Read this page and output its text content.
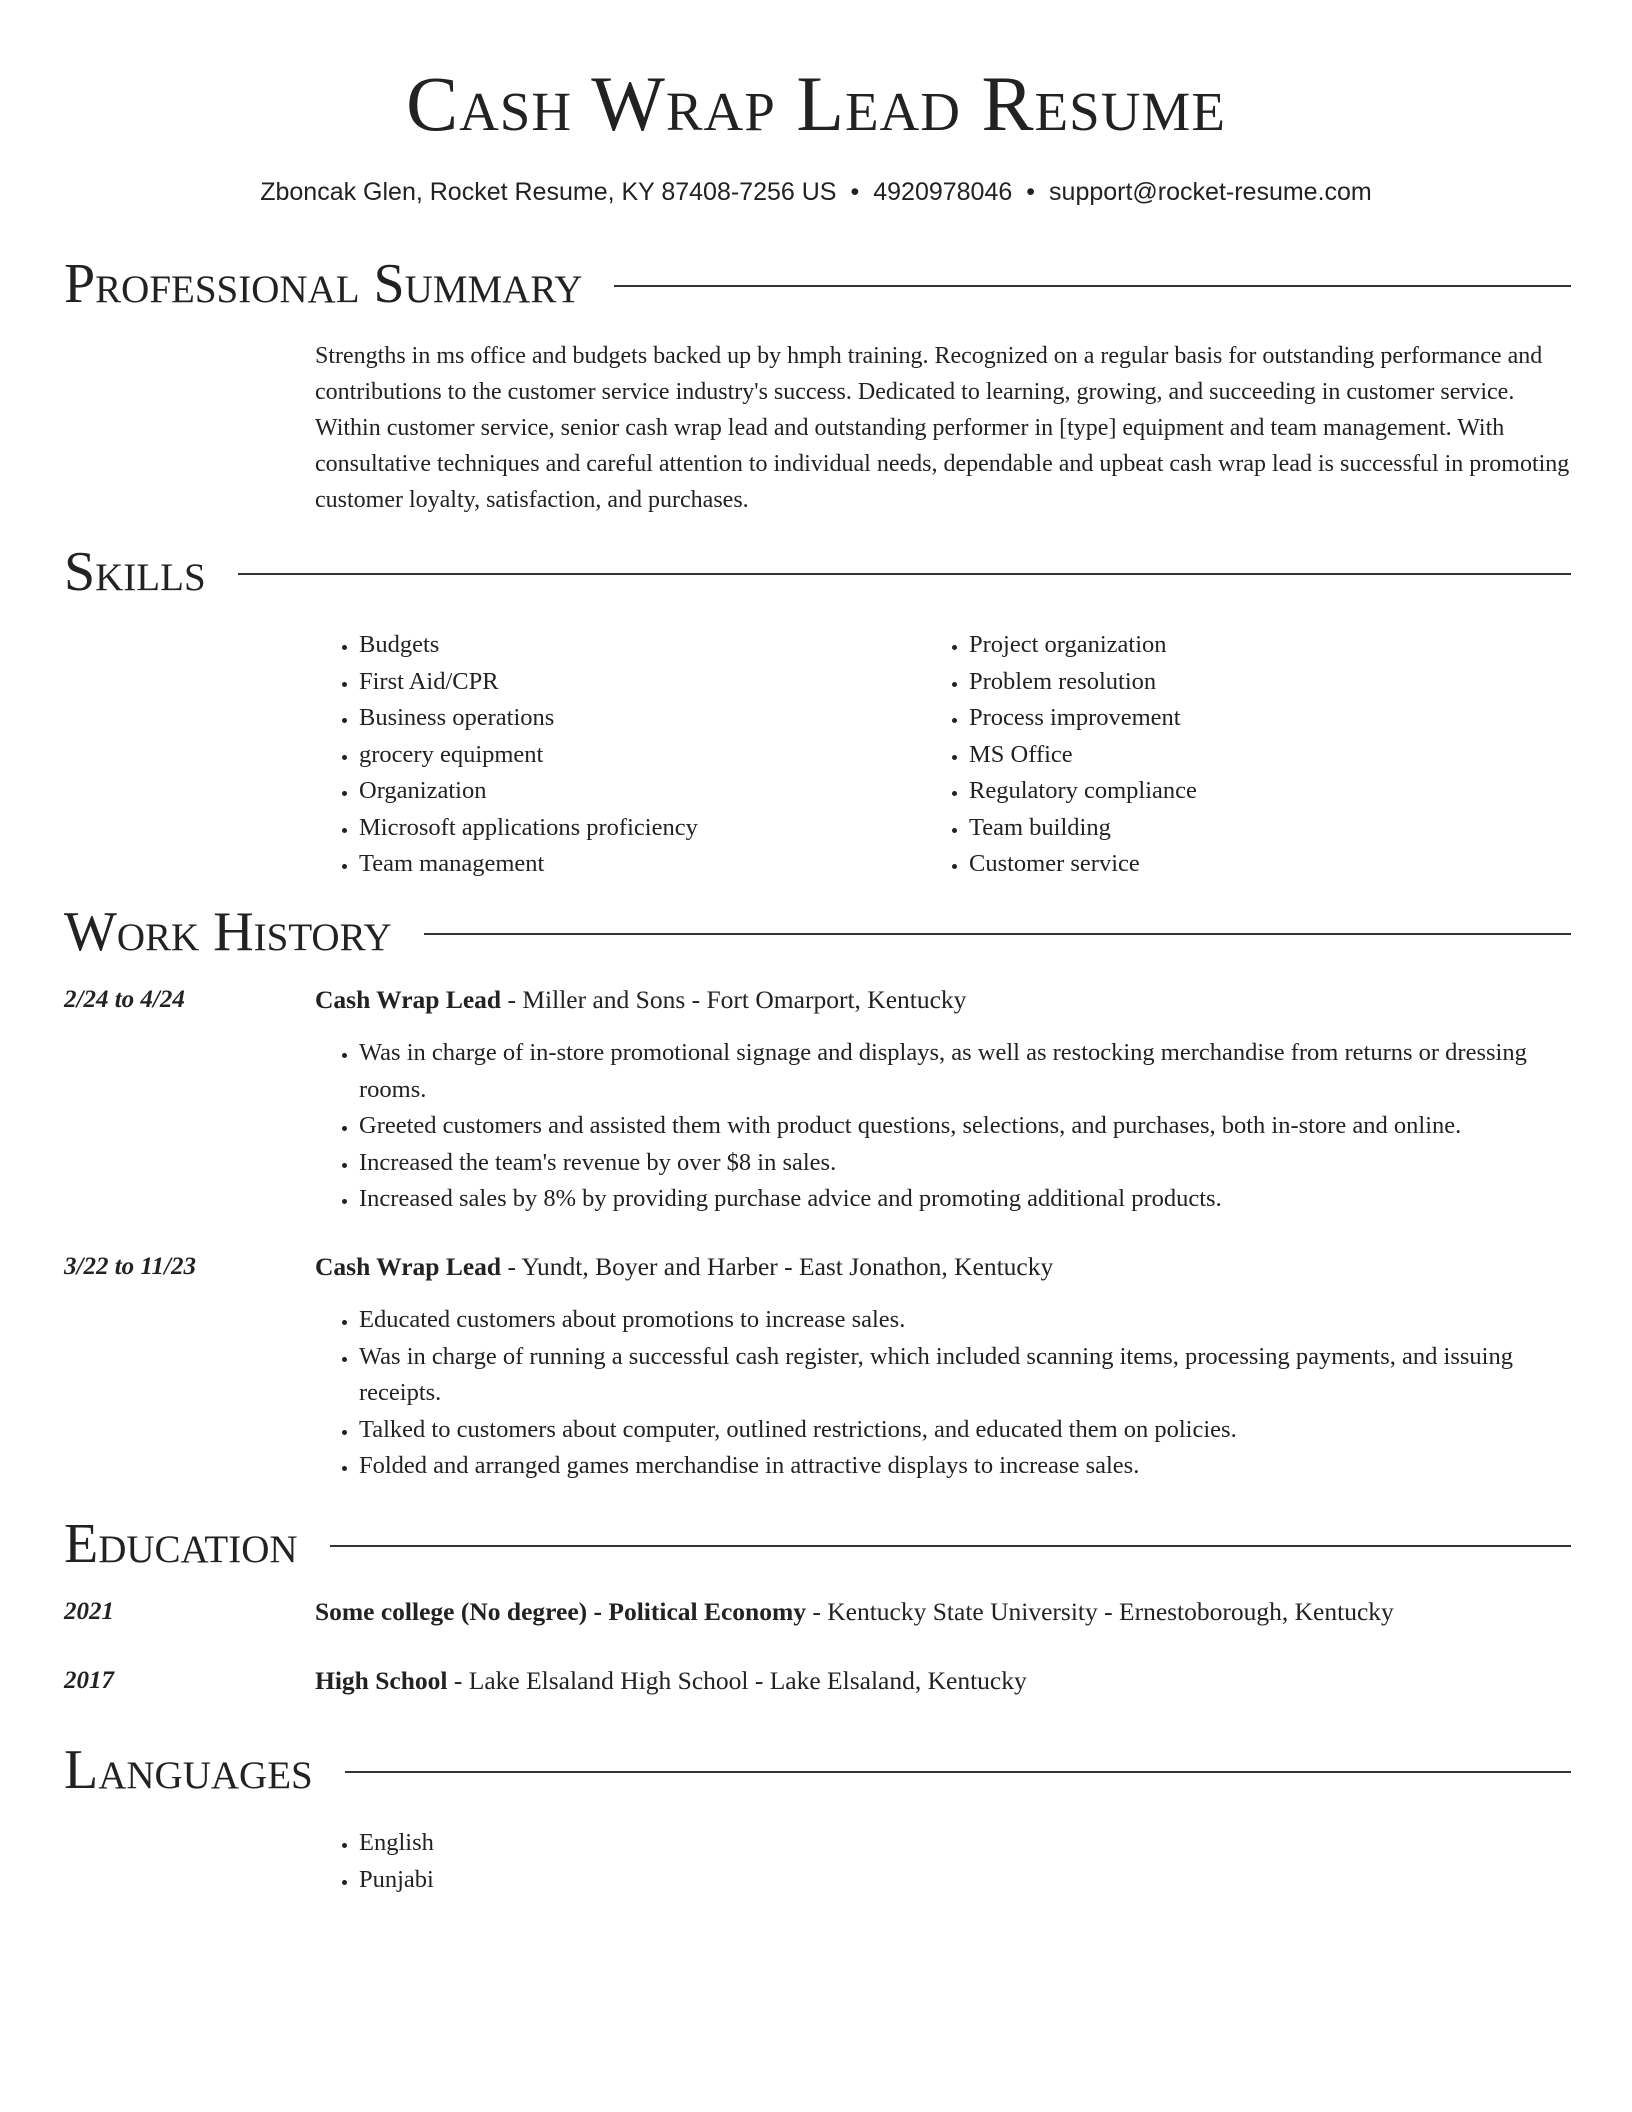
Cash Wrap Lead Resume
Zboncak Glen, Rocket Resume, KY 87408-7256 US • 4920978046 • support@rocket-resume.com
Professional Summary

Strengths in ms office and budgets backed up by hmph training. Recognized on a regular basis for outstanding performance and contributions to the customer service industry's success. Dedicated to learning, growing, and succeeding in customer service. Within customer service, senior cash wrap lead and outstanding performer in [type] equipment and team management. With consultative techniques and careful attention to individual needs, dependable and upbeat cash wrap lead is successful in promoting customer loyalty, satisfaction, and purchases.

Skills
• Budgets
• First Aid/CPR
• Business operations
• grocery equipment
• Organization
• Microsoft applications proficiency
• Team management
• Project organization
• Problem resolution
• Process improvement
• MS Office
• Regulatory compliance
• Team building
• Customer service
Work History
2/24 to 4/24	Cash Wrap Lead - Miller and Sons - Fort Omarport, Kentucky
• Was in charge of in-store promotional signage and displays, as well as restocking merchandise from returns or dressing rooms.
• Greeted customers and assisted them with product questions, selections, and purchases, both in-store and online.
• Increased the team's revenue by over $8 in sales.
• Increased sales by 8% by providing purchase advice and promoting additional products.
3/22 to 11/23	Cash Wrap Lead - Yundt, Boyer and Harber - East Jonathon, Kentucky
• Educated customers about promotions to increase sales.
• Was in charge of running a successful cash register, which included scanning items, processing payments, and issuing receipts.
• Talked to customers about computer, outlined restrictions, and educated them on policies.
• Folded and arranged games merchandise in attractive displays to increase sales.
Education
2021	Some college (No degree) - Political Economy - Kentucky State University - Ernestoborough, Kentucky
2017	High School - Lake Elsaland High School - Lake Elsaland, Kentucky
Languages
• English
• Punjabi
